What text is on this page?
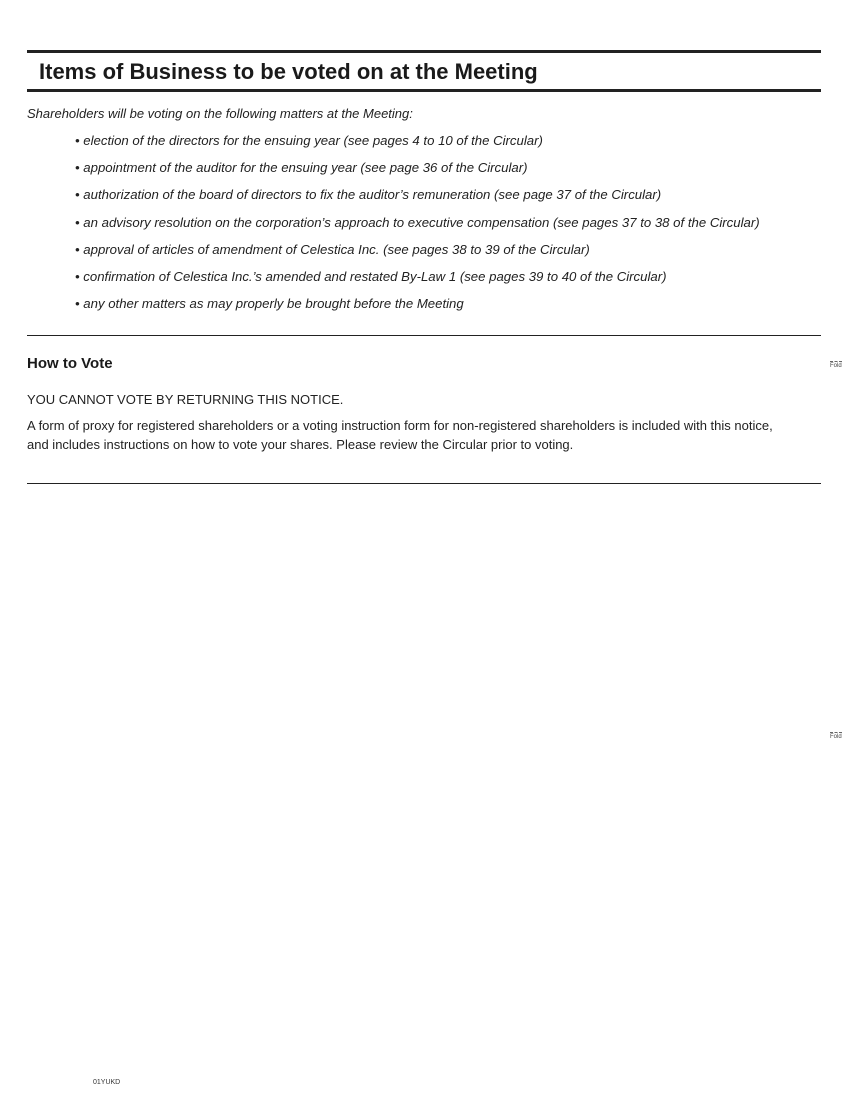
Items of Business to be voted on at the Meeting

Shareholders will be voting on the following matters at the Meeting:

• election of the directors for the ensuing year (see pages 4 to 10 of the Circular)
• appointment of the auditor for the ensuing year (see page 36 of the Circular)
• authorization of the board of directors to fix the auditor’s remuneration (see page 37 of the Circular)
• an advisory resolution on the corporation’s approach to executive compensation (see pages 37 to 38 of the Circular)
• approval of articles of amendment of Celestica Inc. (see pages 38 to 39 of the Circular)
• confirmation of Celestica Inc.’s amended and restated By-Law 1 (see pages 39 to 40 of the Circular)
• any other matters as may properly be brought before the Meeting
How to Vote

YOU CANNOT VOTE BY RETURNING THIS NOTICE.

A form of proxy for registered shareholders or a voting instruction form for non-registered shareholders is included with this notice, and includes instructions on how to vote your shares. Please review the Circular prior to voting.

Fold
Fold
01YUKD
